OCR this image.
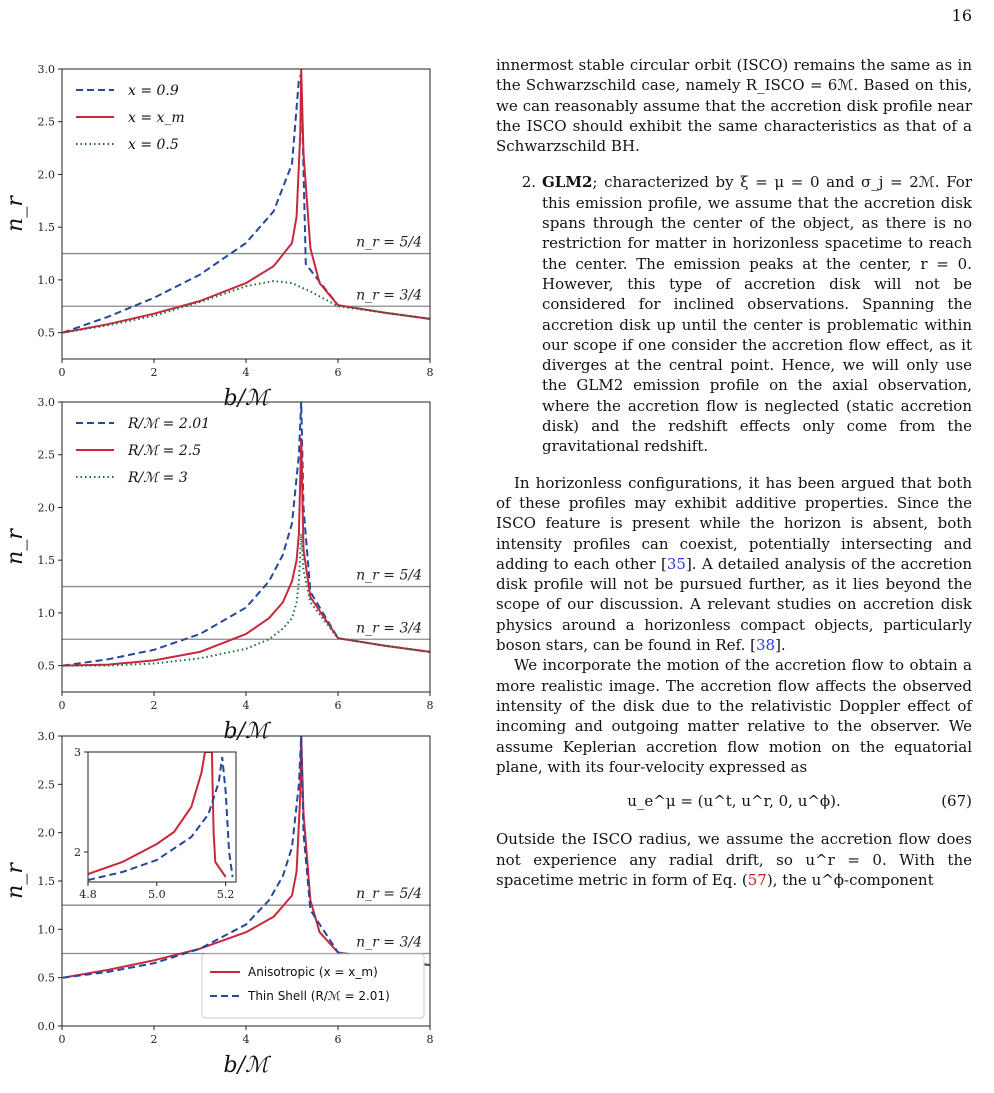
16
n_r = 5/4
n_r = 3/4
0	2	4	6	8
0.5
1.0
1.5
2.0
2.5
3.0
b/ℳ
n_r
x = 0.9
x = x_m
x = 0.5
n_r = 5/4
n_r = 3/4
0	2	4	6	8
0.5
1.0
1.5
2.0
2.5
3.0
b/ℳ
n_r
R/ℳ = 2.01
R/ℳ = 2.5
R/ℳ = 3
n_r = 5/4
n_r = 3/4
0	2	4	6	8
0.0
0.5
1.0
1.5
2.0
2.5
3.0
b/ℳ
n_r
Anisotropic (x = x_m)
Thin Shell (R/ℳ = 2.01)
4.8	5.0	5.2
2
3

innermost stable circular orbit (ISCO) remains the same as in the Schwarzschild case, namely R_ISCO = 6ℳ. Based on this, we can reasonably assume that the accretion disk profile near the ISCO should exhibit the same characteristics as that of a Schwarzschild BH.

2. GLM2; characterized by ξ = μ = 0 and σ_j = 2ℳ. For this emission profile, we assume that the accretion disk spans through the center of the object, as there is no restriction for matter in horizonless spacetime to reach the center. The emission peaks at the center, r = 0. However, this type of accretion disk will not be considered for inclined observations. Spanning the accretion disk up until the center is problematic within our scope if one consider the accretion flow effect, as it diverges at the central point. Hence, we will only use the GLM2 emission profile on the axial observation, where the accretion flow is neglected (static accretion disk) and the redshift effects only come from the gravitational redshift.

In horizonless configurations, it has been argued that both of these profiles may exhibit additive properties. Since the ISCO feature is present while the horizon is absent, both intensity profiles can coexist, potentially intersecting and adding to each other [35]. A detailed analysis of the accretion disk profile will not be pursued further, as it lies beyond the scope of our discussion. A relevant studies on accretion disk physics around a horizonless compact objects, particularly boson stars, can be found in Ref. [38].

We incorporate the motion of the accretion flow to obtain a more realistic image. The accretion flow affects the observed intensity of the disk due to the relativistic Doppler effect of incoming and outgoing matter relative to the observer. We assume Keplerian accretion flow motion on the equatorial plane, with its four-velocity expressed as

u_e^μ = (u^t, u^r, 0, u^ϕ).	(67)

Outside the ISCO radius, we assume the accretion flow does not experience any radial drift, so u^r = 0. With the spacetime metric in form of Eq. (57), the u^ϕ-component
